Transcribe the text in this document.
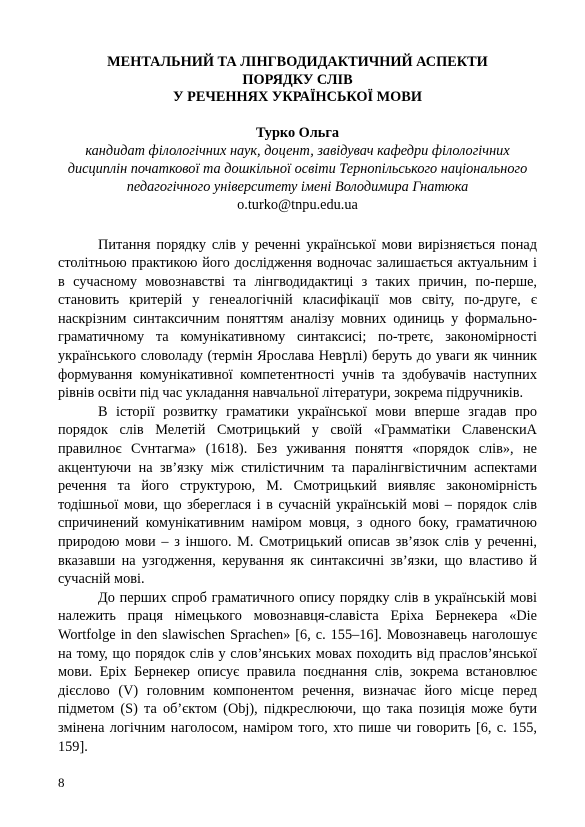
МЕНТАЛЬНИЙ ТА ЛІНГВОДИДАКТИЧНИЙ АСПЕКТИ
ПОРЯДКУ СЛІВ
У РЕЧЕННЯХ УКРАЇНСЬКОЇ МОВИ
Турко Ольга
кандидат філологічних наук, доцент, завідувач кафедри філологічних дисциплін початкової та дошкільної освіти Тернопільського національного педагогічного університету імені Володимира Гнатюка
o.turko@tnpu.edu.ua

Питання порядку слів у реченні української мови вирізняється понад столітньою практикою його дослідження водночас залишається актуальним і в сучасному мовознавстві та лінгводидактиці з таких причин, по-перше, становить критерій у генеалогічній класифікації мов світу, по-друге, є наскрізним синтаксичним поняттям аналізу мовних одиниць у формально-граматичному та комунікативному синтаксисі; по-третє, закономірності українського словоладу (термін Ярослава Невրлі) беруть до уваги як чинник формування комунікативної компетентності учнів та здобувачів наступних рівнів освіти під час укладання навчальної літератури, зокрема підручників.

В історії розвитку граматики української мови вперше згадав про порядок слів Мелетій Смотрицький у своїй «Грамматіки СлавенскиА правилноє Сvнтагма» (1618). Без уживання поняття «порядок слів», не акцентуючи на зв’язку між стилістичним та паралінгвістичним аспектами речення та його структурою, М. Смотрицький виявляє закономірність тодішньої мови, що збереглася і в сучасній українській мові – порядок слів спричинений комунікативним наміром мовця, з одного боку, граматичною природою мови – з іншого. М. Смотрицький описав зв’язок слів у реченні, вказавши на узгодження, керування як синтаксичні зв’язки, що властиво й сучасній мові.

До перших спроб граматичного опису порядку слів в українській мові належить праця німецького мовознавця-славіста Еріха Бернекера «Die Wortfolge in den slawischen Sprachen» [6, с. 155–16]. Мовознавець наголошує на тому, що порядок слів у слов’янських мовах походить від праслов’янської мови. Еріх Бернекер описує правила поєднання слів, зокрема встановлює дієслово (V) головним компонентом речення, визначає його місце перед підметом (S) та об’єктом (Obj), підкреслюючи, що така позиція може бути змінена логічним наголосом, наміром того, хто пише чи говорить [6, с. 155, 159].

8
